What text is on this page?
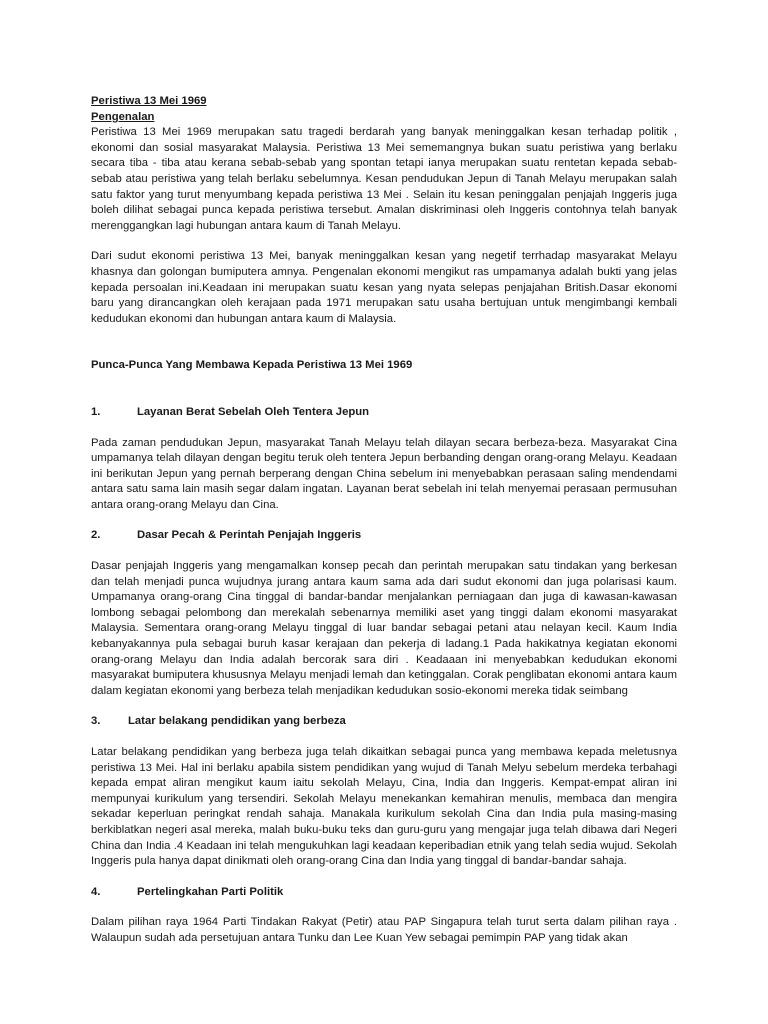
Peristiwa 13 Mei 1969
Pengenalan

Peristiwa 13 Mei 1969 merupakan satu tragedi berdarah yang banyak meninggalkan kesan terhadap politik , ekonomi dan sosial masyarakat Malaysia. Peristiwa 13 Mei sememangnya bukan suatu peristiwa yang berlaku secara tiba - tiba atau kerana sebab-sebab yang spontan tetapi ianya merupakan suatu rentetan kepada sebab-sebab atau peristiwa yang telah berlaku sebelumnya. Kesan pendudukan Jepun di Tanah Melayu merupakan salah satu faktor yang turut menyumbang kepada peristiwa 13 Mei . Selain itu kesan peninggalan penjajah Inggeris juga boleh dilihat sebagai punca kepada peristiwa tersebut. Amalan diskriminasi oleh Inggeris contohnya telah banyak merenggangkan lagi hubungan antara kaum di Tanah Melayu.

Dari sudut ekonomi peristiwa 13 Mei, banyak meninggalkan kesan yang negetif terrhadap masyarakat Melayu khasnya dan golongan bumiputera amnya. Pengenalan ekonomi mengikut ras umpamanya adalah bukti yang jelas kepada persoalan ini.Keadaan ini merupakan suatu kesan yang nyata selepas penjajahan British.Dasar ekonomi baru yang dirancangkan oleh kerajaan pada 1971 merupakan satu usaha bertujuan untuk mengimbangi kembali kedudukan ekonomi dan hubungan antara kaum di Malaysia.

Punca-Punca Yang Membawa Kepada Peristiwa 13 Mei 1969

1.	Layanan Berat Sebelah Oleh Tentera Jepun

Pada zaman pendudukan Jepun, masyarakat Tanah Melayu telah dilayan secara berbeza-beza. Masyarakat Cina umpamanya telah dilayan dengan begitu teruk oleh tentera Jepun berbanding dengan orang-orang Melayu. Keadaan ini berikutan Jepun yang pernah berperang dengan China sebelum ini menyebabkan perasaan saling mendendami antara satu sama lain masih segar dalam ingatan. Layanan berat sebelah ini telah menyemai perasaan permusuhan antara orang-orang Melayu dan Cina.

2.	Dasar Pecah & Perintah Penjajah Inggeris

Dasar penjajah Inggeris yang mengamalkan konsep pecah dan perintah merupakan satu tindakan yang berkesan dan telah menjadi punca wujudnya jurang antara kaum sama ada dari sudut ekonomi dan juga polarisasi kaum. Umpamanya orang-orang Cina tinggal di bandar-bandar menjalankan perniagaan dan juga di kawasan-kawasan lombong sebagai pelombong dan merekalah sebenarnya memiliki aset yang tinggi dalam ekonomi masyarakat Malaysia. Sementara orang-orang Melayu tinggal di luar bandar sebagai petani atau nelayan kecil. Kaum India kebanyakannya pula sebagai buruh kasar kerajaan dan pekerja di ladang.1 Pada hakikatnya kegiatan ekonomi orang-orang Melayu dan India adalah bercorak sara diri . Keadaaan ini menyebabkan kedudukan ekonomi masyarakat bumiputera khususnya Melayu menjadi lemah dan ketinggalan. Corak penglibatan ekonomi antara kaum dalam kegiatan ekonomi yang berbeza telah menjadikan kedudukan sosio-ekonomi mereka tidak seimbang

3.	Latar belakang pendidikan yang berbeza

Latar belakang pendidikan yang berbeza juga telah dikaitkan sebagai punca yang membawa kepada meletusnya peristiwa 13 Mei. Hal ini berlaku apabila sistem pendidikan yang wujud di Tanah Melyu sebelum merdeka terbahagi kepada empat aliran mengikut kaum iaitu sekolah Melayu, Cina, India dan Inggeris. Kempat-empat aliran ini mempunyai kurikulum yang tersendiri. Sekolah Melayu menekankan kemahiran menulis, membaca dan mengira sekadar keperluan peringkat rendah sahaja. Manakala kurikulum sekolah Cina dan India pula masing-masing berkiblatkan negeri asal mereka, malah buku-buku teks dan guru-guru yang mengajar juga telah dibawa dari Negeri China dan India .4 Keadaan ini telah mengukuhkan lagi keadaan keperibadian etnik yang telah sedia wujud. Sekolah Inggeris pula hanya dapat dinikmati oleh orang-orang Cina dan India yang tinggal di bandar-bandar sahaja.

4.	Pertelingkahan Parti Politik

Dalam pilihan raya 1964 Parti Tindakan Rakyat (Petir) atau PAP Singapura telah turut serta dalam pilihan raya . Walaupun sudah ada persetujuan antara Tunku dan Lee Kuan Yew sebagai pemimpin PAP yang tidak akan
